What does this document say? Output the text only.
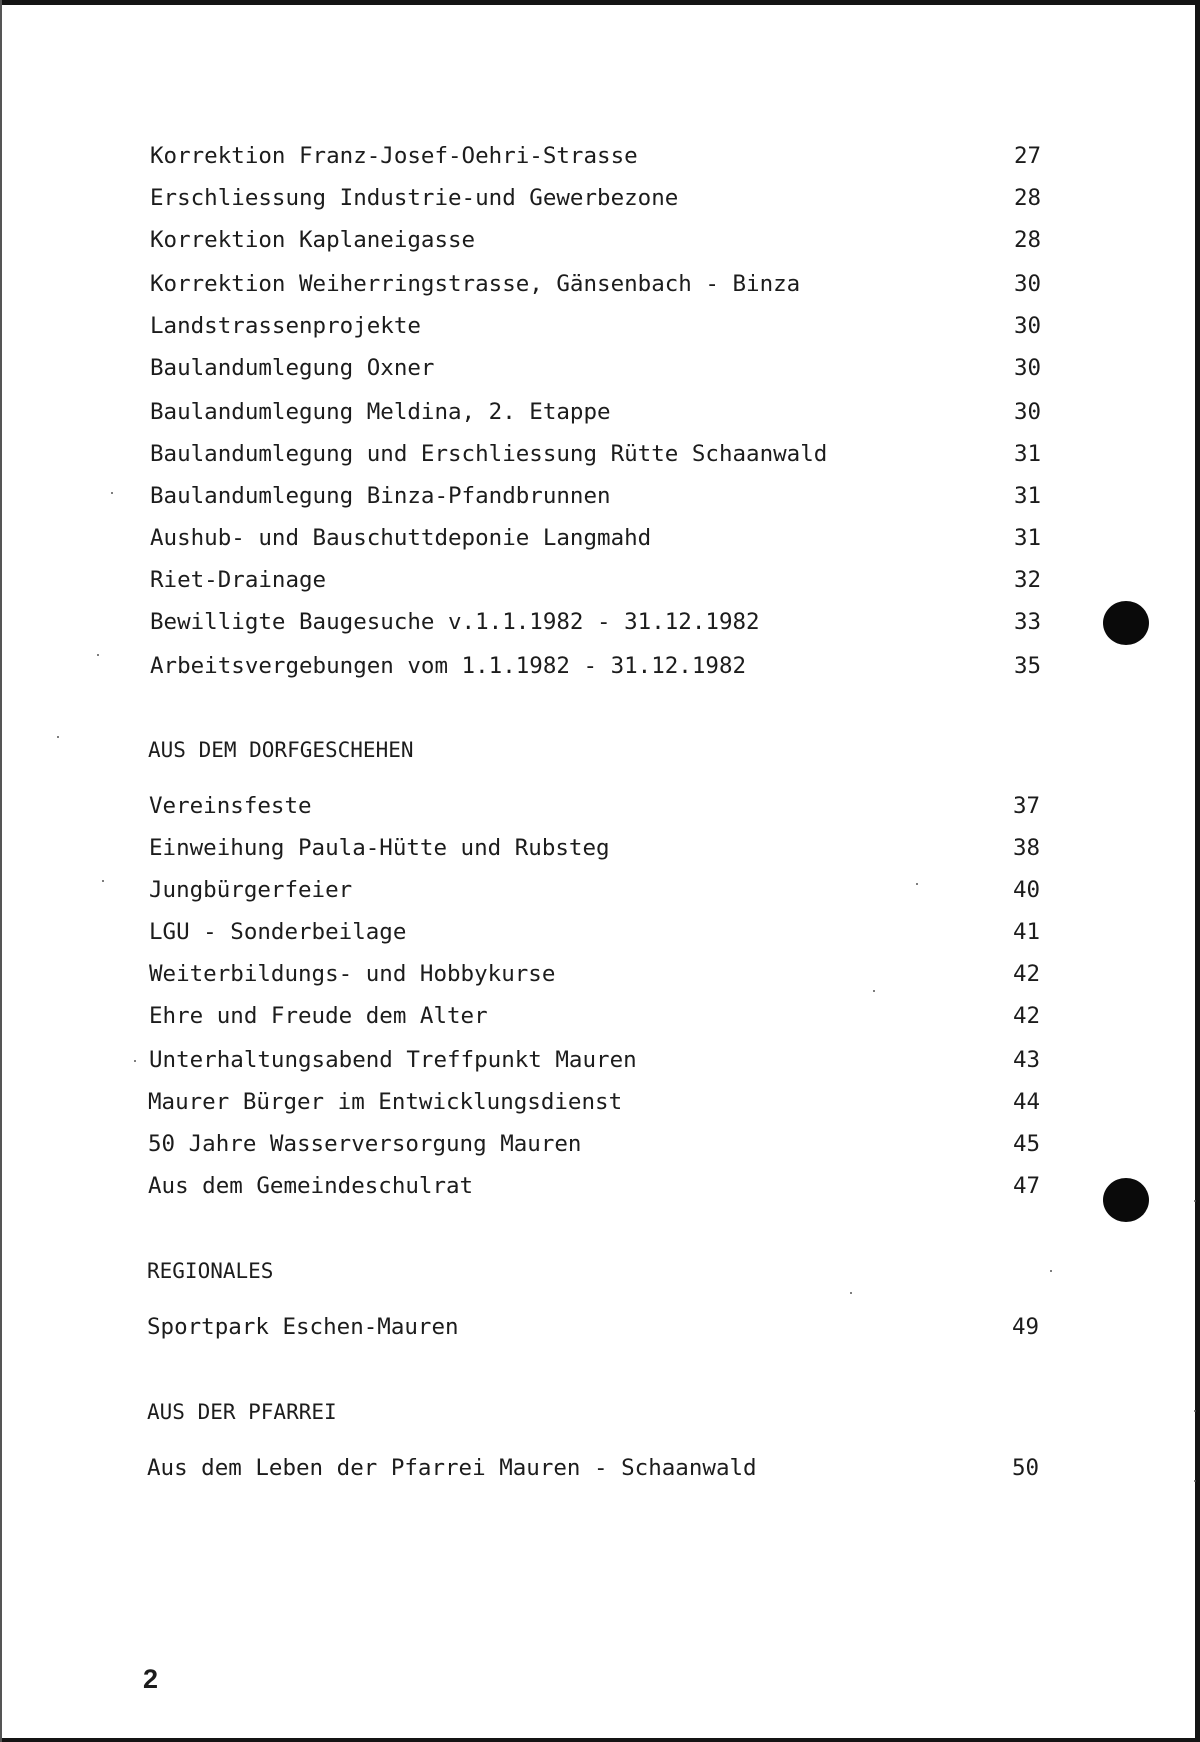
Korrektion Franz-Josef-Oehri-Strasse	27
Erschliessung Industrie-und Gewerbezone	28
Korrektion Kaplaneigasse	28
Korrektion Weiherringstrasse, Gänsenbach - Binza	30
Landstrassenprojekte	30
Baulandumlegung Oxner	30
Baulandumlegung Meldina, 2. Etappe	30
Baulandumlegung und Erschliessung Rütte Schaanwald	31
Baulandumlegung Binza-Pfandbrunnen	31
Aushub- und Bauschuttdeponie Langmahd	31
Riet-Drainage	32
Bewilligte Baugesuche v.1.1.1982 - 31.12.1982	33
Arbeitsvergebungen vom 1.1.1982 - 31.12.1982	35
AUS DEM DORFGESCHEHEN
Vereinsfeste	37
Einweihung Paula-Hütte und Rubsteg	38
Jungbürgerfeier	40
LGU - Sonderbeilage	41
Weiterbildungs- und Hobbykurse	42
Ehre und Freude dem Alter	42
Unterhaltungsabend Treffpunkt Mauren	43
Maurer Bürger im Entwicklungsdienst	44
50 Jahre Wasserversorgung Mauren	45
Aus dem Gemeindeschulrat	47
REGIONALES
Sportpark Eschen-Mauren	49
AUS DER PFARREI
Aus dem Leben der Pfarrei Mauren - Schaanwald	50
2
